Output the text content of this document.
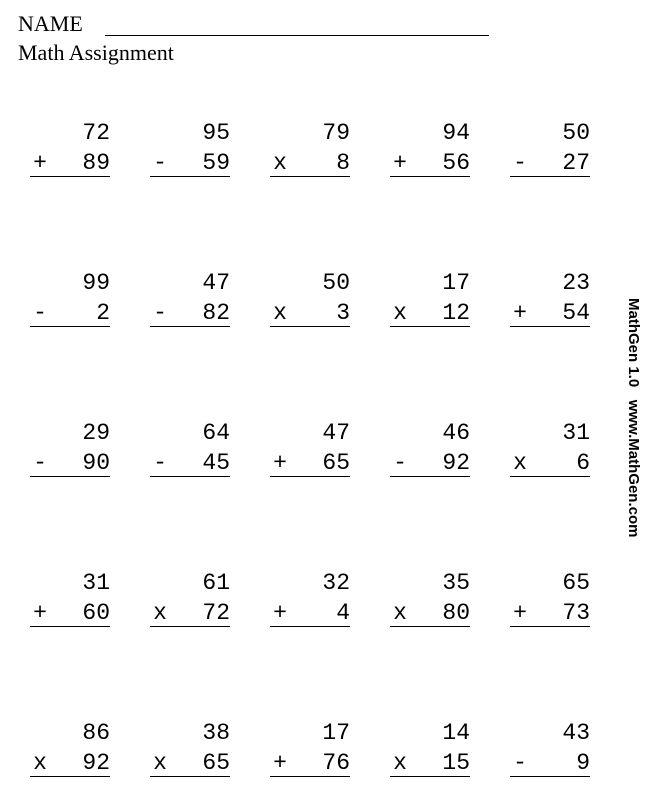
NAME
Math Assignment
72
+ 89
95
- 59
79
x 8
94
+ 56
50
- 27
99
- 2
47
- 82
50
x 3
17
x 12
23
+ 54
29
- 90
64
- 45
47
+ 65
46
- 92
31
x 6
31
+ 60
61
x 72
32
+ 4
35
x 80
65
+ 73
86
x 92
38
x 65
17
+ 76
14
x 15
43
- 9
MathGen 1.0   www.MathGen.com
